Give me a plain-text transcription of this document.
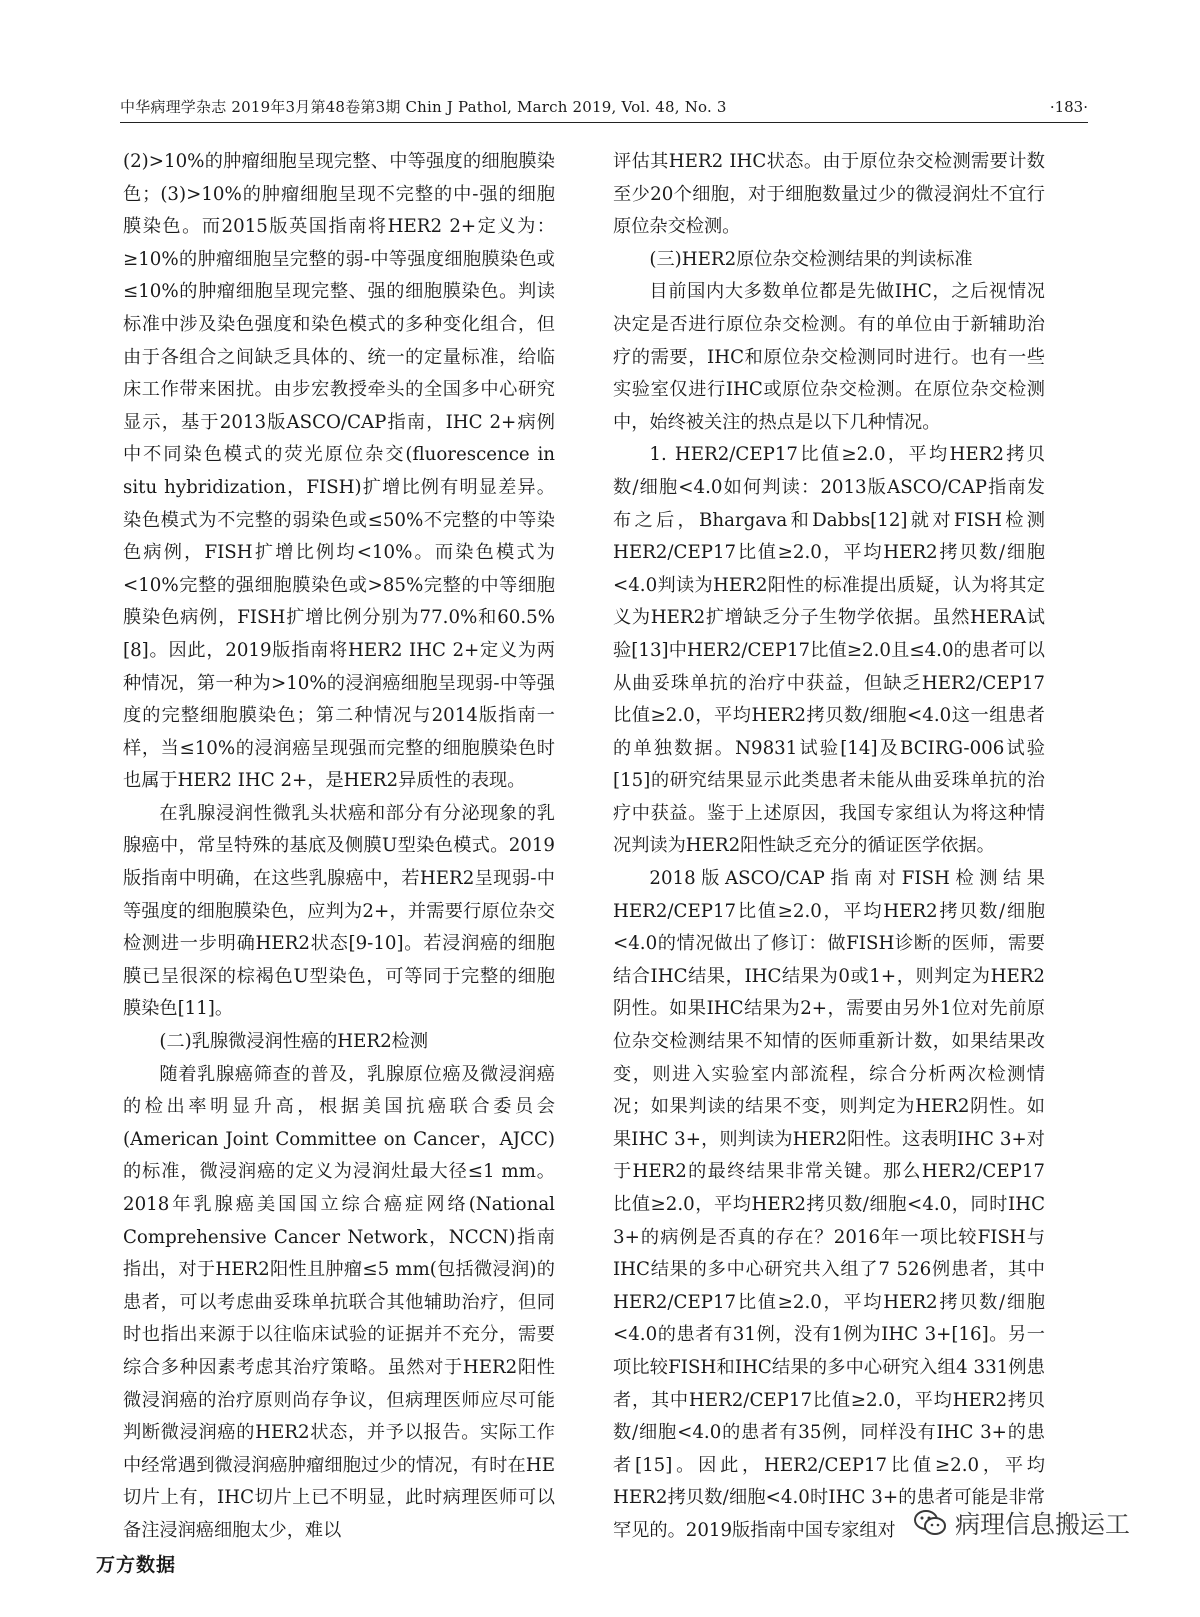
中华病理学杂志 2019年3月第48卷第3期 Chin J Pathol, March 2019, Vol. 48, No. 3	·183·

(2)>10%的肿瘤细胞呈现完整、中等强度的细胞膜染色；(3)>10%的肿瘤细胞呈现不完整的中-强的细胞膜染色。而2015版英国指南将HER2 2+定义为：≥10%的肿瘤细胞呈完整的弱-中等强度细胞膜染色或≤10%的肿瘤细胞呈现完整、强的细胞膜染色。判读标准中涉及染色强度和染色模式的多种变化组合，但由于各组合之间缺乏具体的、统一的定量标准，给临床工作带来困扰。由步宏教授牵头的全国多中心研究显示，基于2013版ASCO/CAP指南，IHC 2+病例中不同染色模式的荧光原位杂交(fluorescence in situ hybridization，FISH)扩增比例有明显差异。染色模式为不完整的弱染色或≤50%不完整的中等染色病例，FISH扩增比例均<10%。而染色模式为<10%完整的强细胞膜染色或>85%完整的中等细胞膜染色病例，FISH扩增比例分别为77.0%和60.5%[8]。因此，2019版指南将HER2 IHC 2+定义为两种情况，第一种为>10%的浸润癌细胞呈现弱-中等强度的完整细胞膜染色；第二种情况与2014版指南一样，当≤10%的浸润癌呈现强而完整的细胞膜染色时也属于HER2 IHC 2+，是HER2异质性的表现。

在乳腺浸润性微乳头状癌和部分有分泌现象的乳腺癌中，常呈特殊的基底及侧膜U型染色模式。2019版指南中明确，在这些乳腺癌中，若HER2呈现弱-中等强度的细胞膜染色，应判为2+，并需要行原位杂交检测进一步明确HER2状态[9-10]。若浸润癌的细胞膜已呈很深的棕褐色U型染色，可等同于完整的细胞膜染色[11]。

(二)乳腺微浸润性癌的HER2检测

随着乳腺癌筛查的普及，乳腺原位癌及微浸润癌的检出率明显升高，根据美国抗癌联合委员会(American Joint Committee on Cancer，AJCC)的标准，微浸润癌的定义为浸润灶最大径≤1 mm。2018年乳腺癌美国国立综合癌症网络(National Comprehensive Cancer Network，NCCN)指南指出，对于HER2阳性且肿瘤≤5 mm(包括微浸润)的患者，可以考虑曲妥珠单抗联合其他辅助治疗，但同时也指出来源于以往临床试验的证据并不充分，需要综合多种因素考虑其治疗策略。虽然对于HER2阳性微浸润癌的治疗原则尚存争议，但病理医师应尽可能判断微浸润癌的HER2状态，并予以报告。实际工作中经常遇到微浸润癌肿瘤细胞过少的情况，有时在HE切片上有，IHC切片上已不明显，此时病理医师可以备注浸润癌细胞太少，难以

评估其HER2 IHC状态。由于原位杂交检测需要计数至少20个细胞，对于细胞数量过少的微浸润灶不宜行原位杂交检测。

(三)HER2原位杂交检测结果的判读标准

目前国内大多数单位都是先做IHC，之后视情况决定是否进行原位杂交检测。有的单位由于新辅助治疗的需要，IHC和原位杂交检测同时进行。也有一些实验室仅进行IHC或原位杂交检测。在原位杂交检测中，始终被关注的热点是以下几种情况。

1. HER2/CEP17比值≥2.0，平均HER2拷贝数/细胞<4.0如何判读：2013版ASCO/CAP指南发布之后，Bhargava和Dabbs[12]就对FISH检测HER2/CEP17比值≥2.0，平均HER2拷贝数/细胞<4.0判读为HER2阳性的标准提出质疑，认为将其定义为HER2扩增缺乏分子生物学依据。虽然HERA试验[13]中HER2/CEP17比值≥2.0且≤4.0的患者可以从曲妥珠单抗的治疗中获益，但缺乏HER2/CEP17比值≥2.0，平均HER2拷贝数/细胞<4.0这一组患者的单独数据。N9831试验[14]及BCIRG-006试验[15]的研究结果显示此类患者未能从曲妥珠单抗的治疗中获益。鉴于上述原因，我国专家组认为将这种情况判读为HER2阳性缺乏充分的循证医学依据。

2018版ASCO/CAP指南对FISH检测结果HER2/CEP17比值≥2.0，平均HER2拷贝数/细胞<4.0的情况做出了修订：做FISH诊断的医师，需要结合IHC结果，IHC结果为0或1+，则判定为HER2阴性。如果IHC结果为2+，需要由另外1位对先前原位杂交检测结果不知情的医师重新计数，如果结果改变，则进入实验室内部流程，综合分析两次检测情况；如果判读的结果不变，则判定为HER2阴性。如果IHC 3+，则判读为HER2阳性。这表明IHC 3+对于HER2的最终结果非常关键。那么HER2/CEP17比值≥2.0，平均HER2拷贝数/细胞<4.0，同时IHC 3+的病例是否真的存在？2016年一项比较FISH与IHC结果的多中心研究共入组了7 526例患者，其中HER2/CEP17比值≥2.0，平均HER2拷贝数/细胞<4.0的患者有31例，没有1例为IHC 3+[16]。另一项比较FISH和IHC结果的多中心研究入组4 331例患者，其中HER2/CEP17比值≥2.0，平均HER2拷贝数/细胞<4.0的患者有35例，同样没有IHC 3+的患者[15]。因此，HER2/CEP17比值≥2.0，平均HER2拷贝数/细胞<4.0时IHC 3+的患者可能是非常罕见的。2019版指南中国专家组对

万方数据
病理信息搬运工
